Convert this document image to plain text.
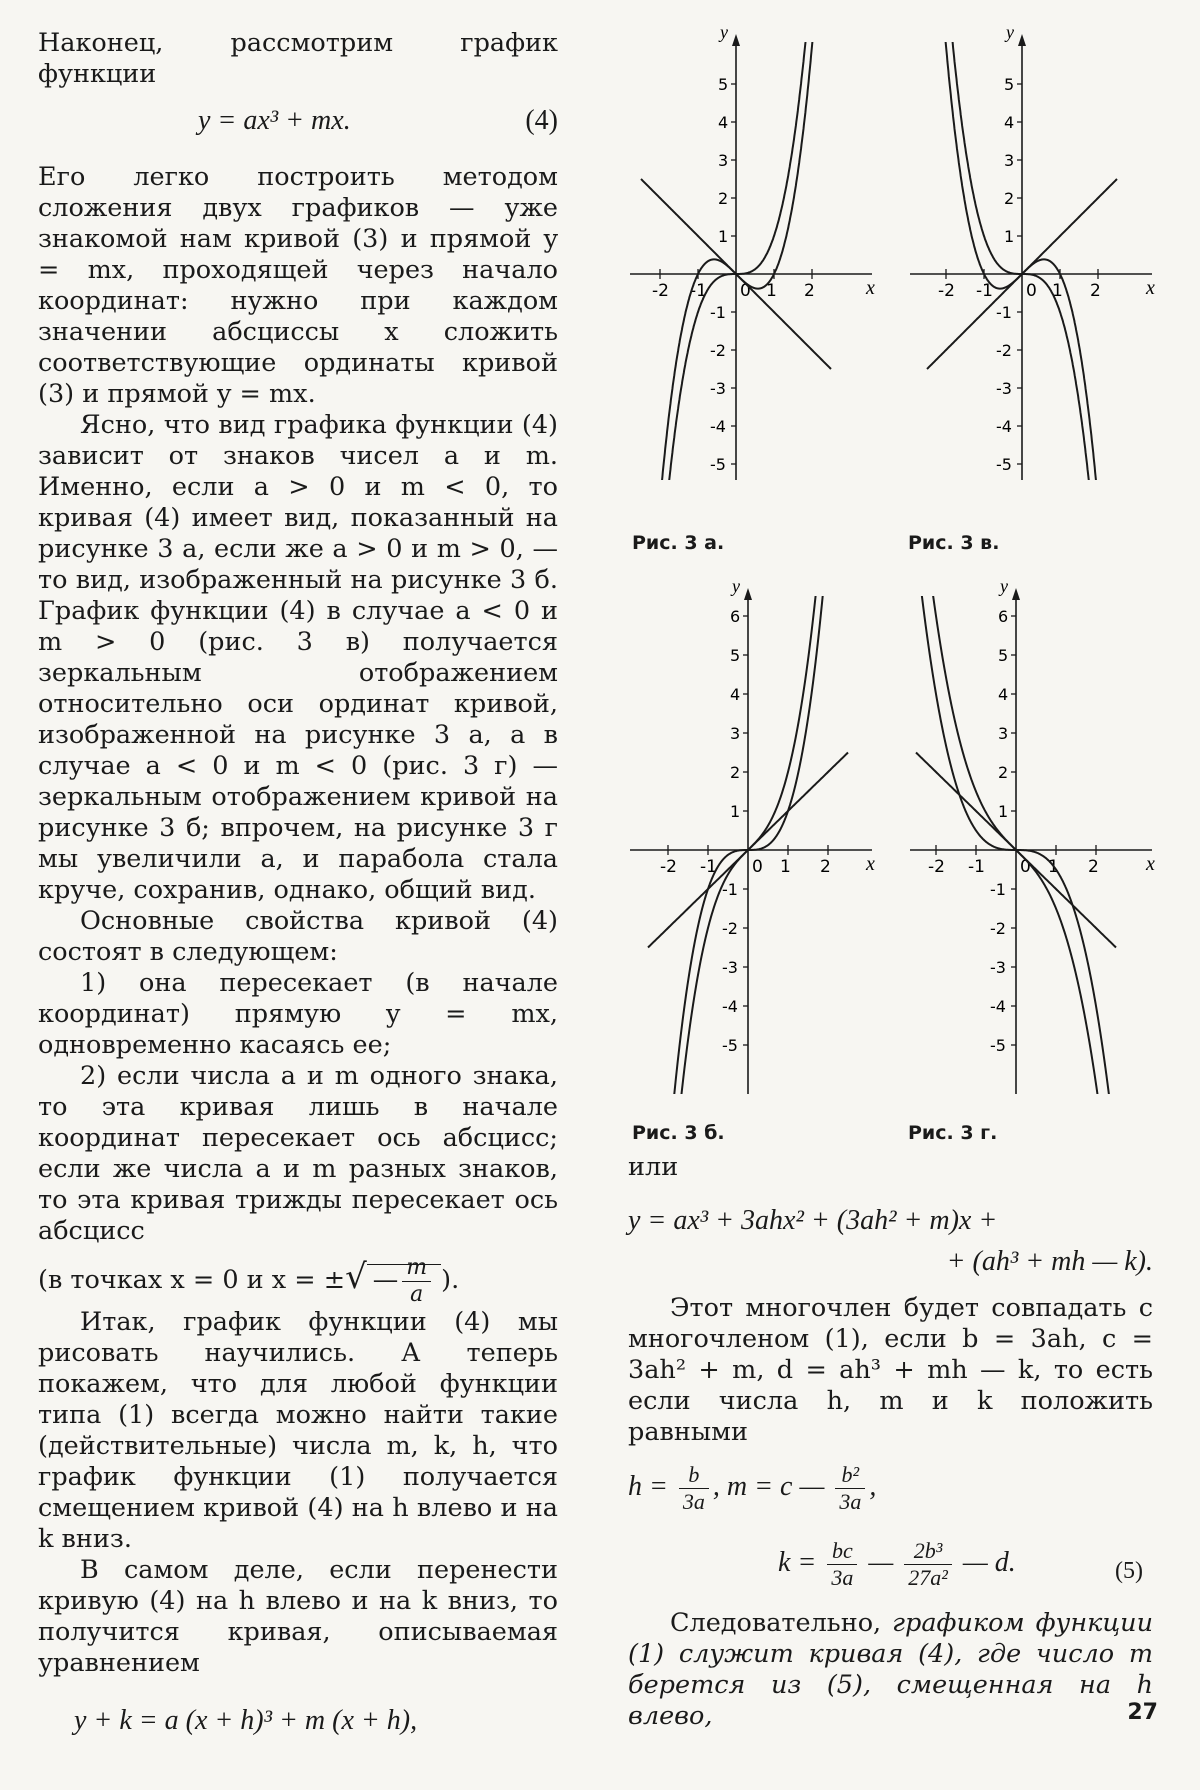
Наконец, рассмотрим график функции

y = ax³ + mx.	(4)

Его легко построить методом сложения двух графиков — уже знакомой нам кривой (3) и прямой y = mx, проходящей через начало координат: нужно при каждом значении абсциссы x сложить соответствующие ординаты кривой (3) и прямой y = mx.

Ясно, что вид графика функции (4) зависит от знаков чисел a и m. Именно, если a > 0 и m < 0, то кривая (4) имеет вид, показанный на рисунке 3 а, если же a > 0 и m > 0, — то вид, изображенный на рисунке 3 б. График функции (4) в случае a < 0 и m > 0 (рис. 3 в) получается зеркальным отображением относительно оси ординат кривой, изображенной на рисунке 3 а, а в случае a < 0 и m < 0 (рис. 3 г) — зеркальным отображением кривой на рисунке 3 б; впрочем, на рисунке 3 г мы увеличили a, и парабола стала круче, сохранив, однако, общий вид.

Основные свойства кривой (4) состоят в следующем:

1) она пересекает (в начале координат) прямую y = mx, одновременно касаясь ее;

2) если числа a и m одного знака, то эта кривая лишь в начале координат пересекает ось абсцисс; если же числа a и m разных знаков, то эта кривая трижды пересекает ось абсцисс

(в точках x = 0 и x = ±√ — $\frac{m}{a}$ ).

Итак, график функции (4) мы рисовать научились. А теперь покажем, что для любой функции типа (1) всегда можно найти такие (действительные) числа m, k, h, что график функции (1) получается смещением кривой (4) на h влево и на k вниз.

В самом деле, если перенести кривую (4) на h влево и на k вниз, то получится кривая, описываемая уравнением

y + k = a (x + h)³ + m (x + h),
x
y
-2 -1 0 1 2
5
4
3
2
1
-1
-2
-3
-4
-5
Рис. 3 а.
x
y
-2 -1 0 1 2
5
4
3
2
1
-1
-2
-3
-4
-5
Рис. 3 в.
x
y
-2 -1 0 1 2
6
5
4
3
2
1
-1
-2
-3
-4
-5
Рис. 3 б.
x
y
-2 -1 0 1 2
6
5
4
3
2
1
-1
-2
-3
-4
-5
Рис. 3 г.

или

y = ax³ + 3ahx² + (3ah² + m)x +
+ (ah³ + mh — k).

Этот многочлен будет совпадать с многочленом (1), если b = 3ah, c = 3ah² + m, d = ah³ + mh — k, то есть если числа h, m и k положить равными

$h = \frac{b}{3a}$ , m = c — $\frac{\text{b²}}{3a}$ ,
$k = \frac{bc}{3a}$ — $\frac{\text{2b³}}{\text{27a²}}$ — d.	(5)

Следовательно, графиком функции (1) служит кривая (4), где число m берется из (5), смещенная на h влево,	27
